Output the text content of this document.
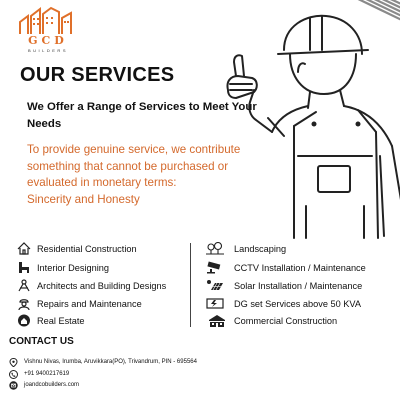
GCD
BUILDERS
OUR SERVICES
We Offer a Range of Services to Meet Your Needs
To provide genuine service, we contribute something that cannot be purchased or evaluated in monetary terms:
Sincerity and Honesty
Residential Construction
Interior Designing
Architects and Building Designs
Repairs and Maintenance
Real Estate
Landscaping
CCTV Installation / Maintenance
Solar Installation / Maintenance
DG set Services above 50 KVA
Commercial Construction
CONTACT US
Vishnu Nivas, Irumba, Aruvikkara(PO), Trivandrum, PIN - 695564
+91 9400217619
joandcobuilders.com
